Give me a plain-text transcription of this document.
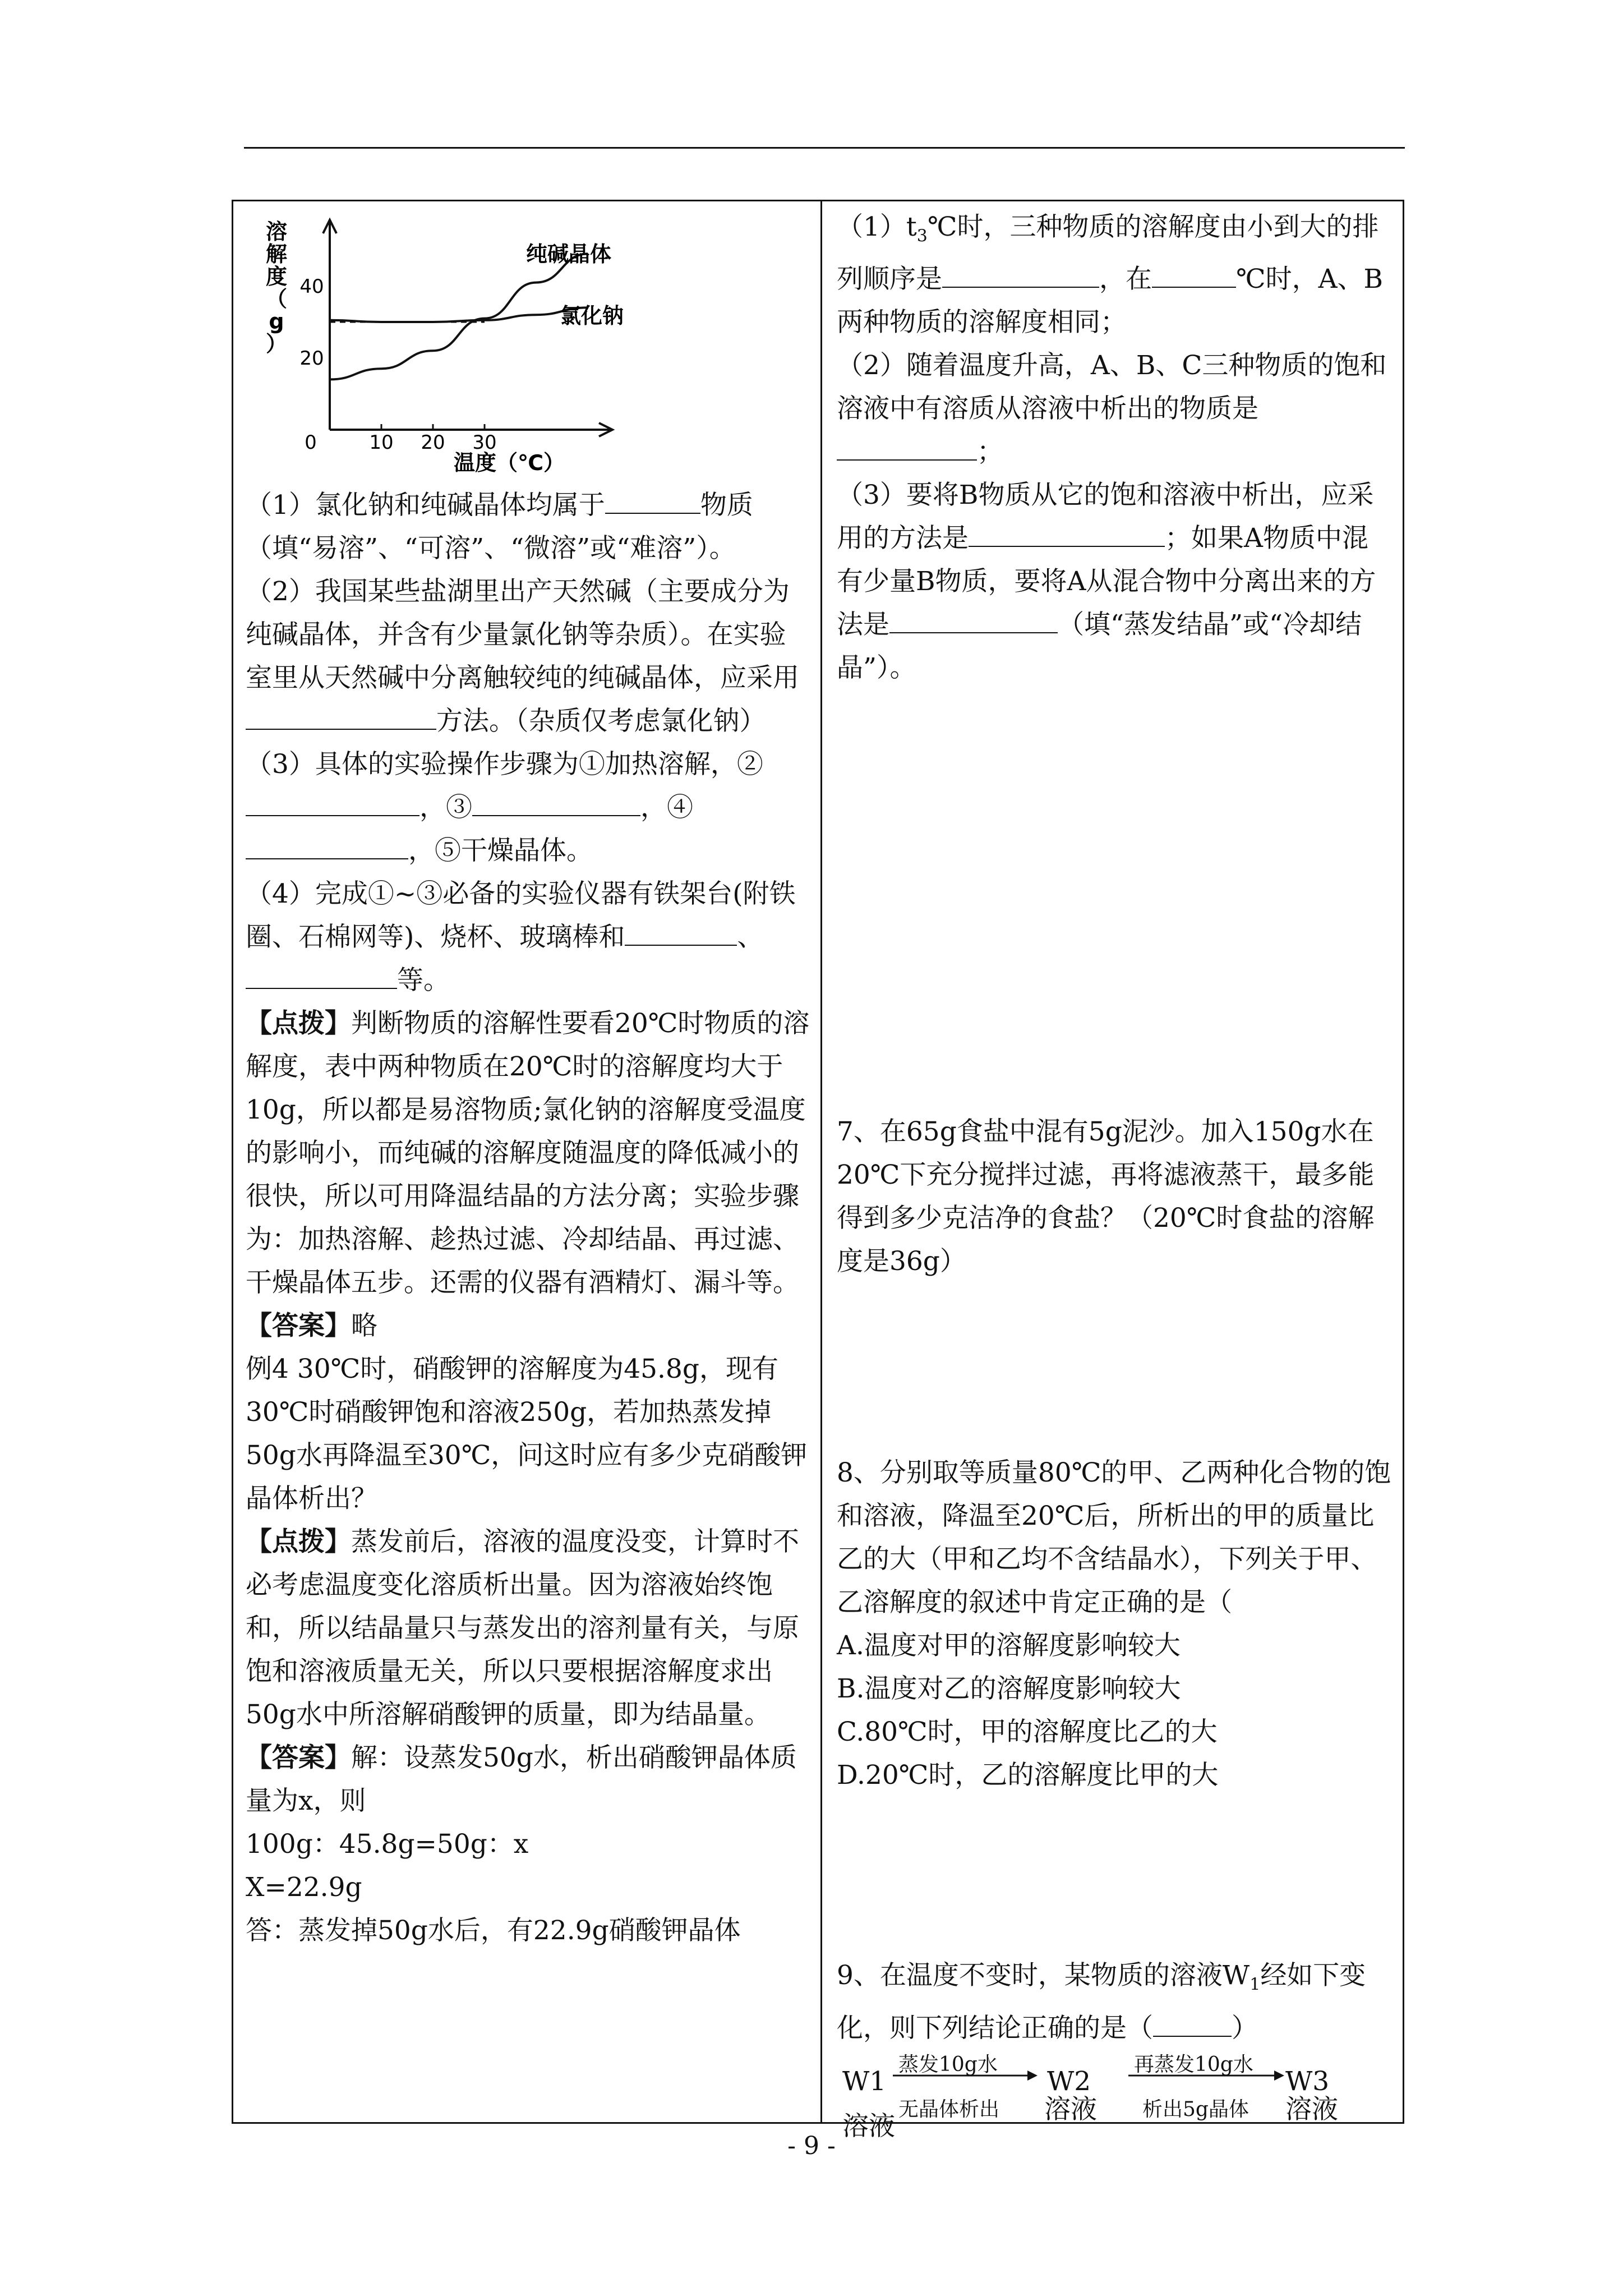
溶
解
度
（
g
）
温度（℃）
0	10 20 30
20
40
纯碱晶体
氯化钠

（1）氯化钠和纯碱晶体均属于	物质（填“易溶”、“可溶”、“微溶”或“难溶”）。

（2）我国某些盐湖里出产天然碱（主要成分为纯碱晶体，并含有少量氯化钠等杂质）。在实验室里从天然碱中分离触较纯的纯碱晶体，应采用方法。（杂质仅考虑氯化钠）

（3）具体的实验操作步骤为①加热溶解，②，③	，④，⑤干燥晶体。

（4）完成①~③必备的实验仪器有铁架台(附铁圈、石棉网等)、烧杯、玻璃棒和	、等。

【点拨】判断物质的溶解性要看20℃时物质的溶解度，表中两种物质在20℃时的溶解度均大于10g，所以都是易溶物质;氯化钠的溶解度受温度的影响小，而纯碱的溶解度随温度的降低减小的很快，所以可用降温结晶的方法分离；实验步骤为：加热溶解、趁热过滤、冷却结晶、再过滤、干燥晶体五步。还需的仪器有酒精灯、漏斗等。

【答案】略

例4 30℃时，硝酸钾的溶解度为45.8g，现有30℃时硝酸钾饱和溶液250g，若加热蒸发掉50g水再降温至30℃，问这时应有多少克硝酸钾晶体析出？

【点拨】蒸发前后，溶液的温度没变，计算时不必考虑温度变化溶质析出量。因为溶液始终饱和，所以结晶量只与蒸发出的溶剂量有关，与原饱和溶液质量无关，所以只要根据溶解度求出50g水中所溶解硝酸钾的质量，即为结晶量。

【答案】解：设蒸发50g水，析出硝酸钾晶体质量为x，则

100g：45.8g=50g：x

X=22.9g

答：蒸发掉50g水后，有22.9g硝酸钾晶体

$(1)t_3℃$时，三种物质的溶解度由小到大的排列顺序是	，在	℃时，A、B两种物质的溶解度相同；

（2）随着温度升高，A、B、C三种物质的饱和溶液中有溶质从溶液中析出的物质是；

（3）要将B物质从它的饱和溶液中析出，应采用的方法是	；如果A物质中混有少量B物质，要将A从混合物中分离出来的方法是	（填“蒸发结晶”或“冷却结晶”）。

7、在65g食盐中混有5g泥沙。加入150g水在20℃下充分搅拌过滤，再将滤液蒸干，最多能得到多少克洁净的食盐？（20℃时食盐的溶解度是36g）

8、分别取等质量80℃的甲、乙两种化合物的饱和溶液，降温至20℃后，所析出的甲的质量比乙的大（甲和乙均不含结晶水），下列关于甲、乙溶解度的叙述中肯定正确的是（

A.温度对甲的溶解度影响较大

B.温度对乙的溶解度影响较大

C.80℃时，甲的溶解度比乙的大

D.20℃时，乙的溶解度比甲的大

9、在温度不变时，某物质的溶液$W_1$经如下变化，则下列结论正确的是（	）

W1
溶液
蒸发10g水
无晶体析出
W2
溶液
再蒸发10g水
析出5g晶体
W3
溶液
- 9 -
